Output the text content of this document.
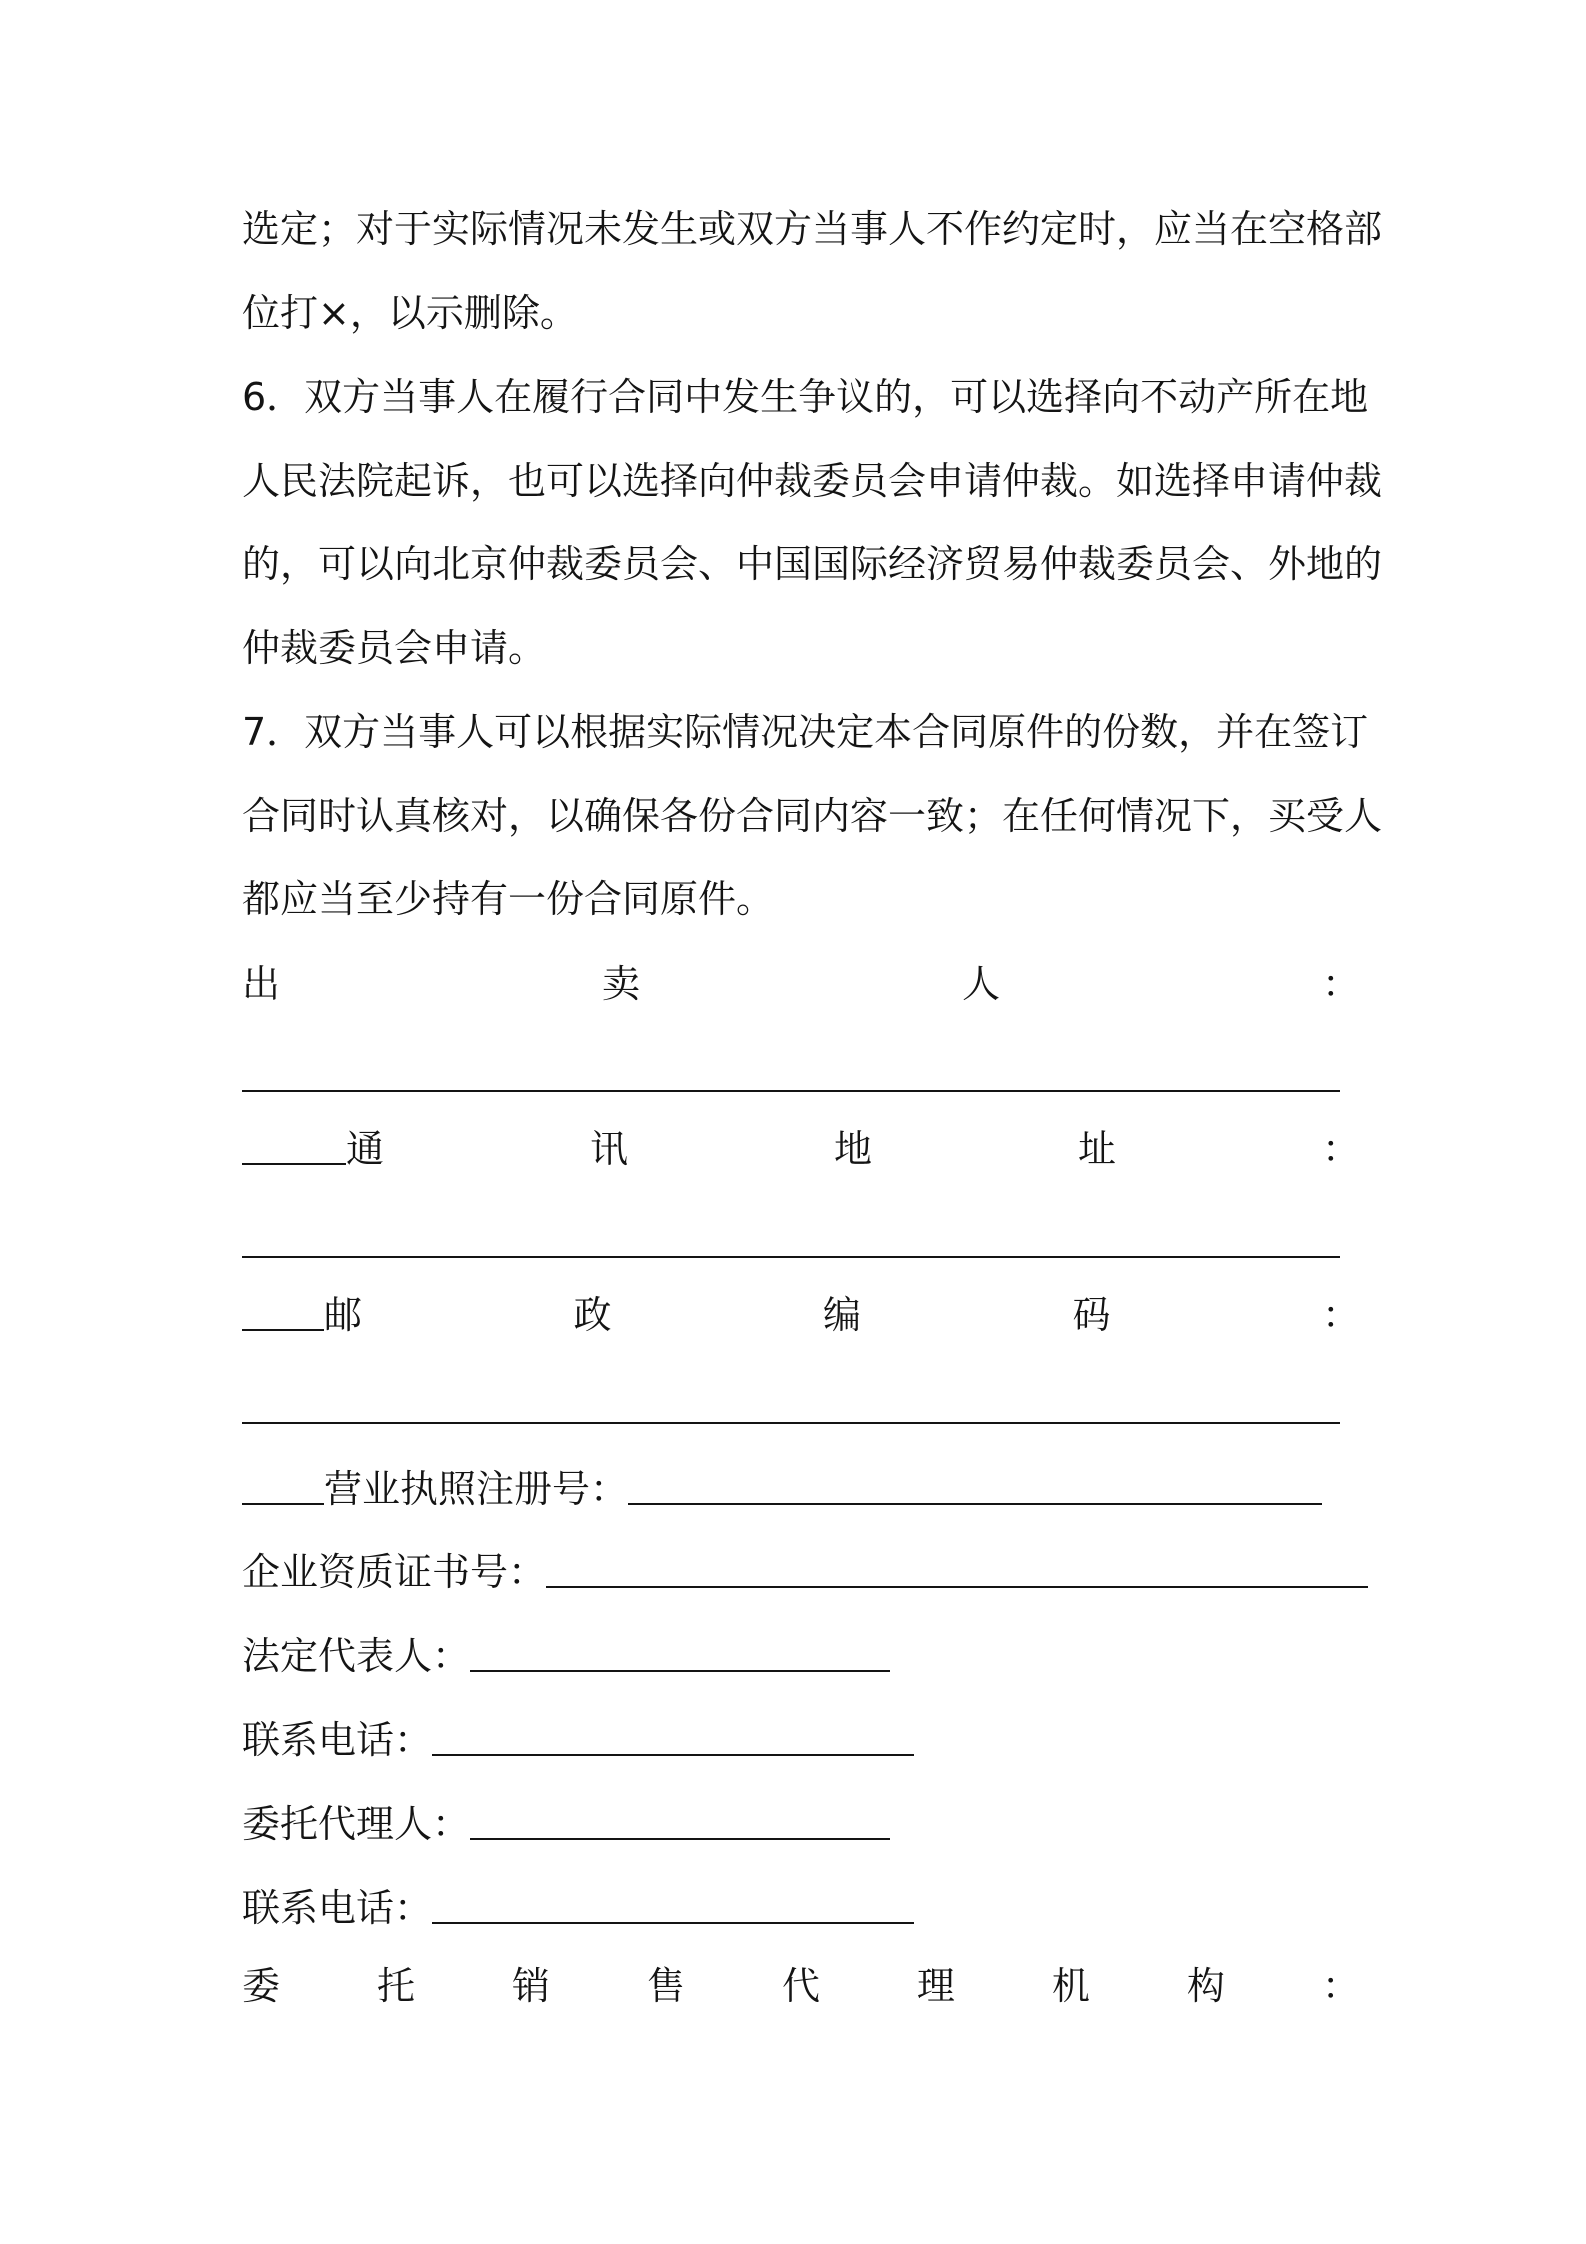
选定；对于实际情况未发生或双方当事人不作约定时，应当在空格部
位打×，以示删除。
6．双方当事人在履行合同中发生争议的，可以选择向不动产所在地
人民法院起诉，也可以选择向仲裁委员会申请仲裁。如选择申请仲裁
的，可以向北京仲裁委员会、中国国际经济贸易仲裁委员会、外地的
仲裁委员会申请。
7．双方当事人可以根据实际情况决定本合同原件的份数，并在签订
合同时认真核对，以确保各份合同内容一致；在任何情况下，买受人
都应当至少持有一份合同原件。
出	卖	人	：
通	讯	地	址	：
邮	政	编	码	：
营业执照注册号：
企业资质证书号：
法定代表人：
联系电话：
委托代理人：
联系电话：
委	托	销	售	代	理	机	构	：
